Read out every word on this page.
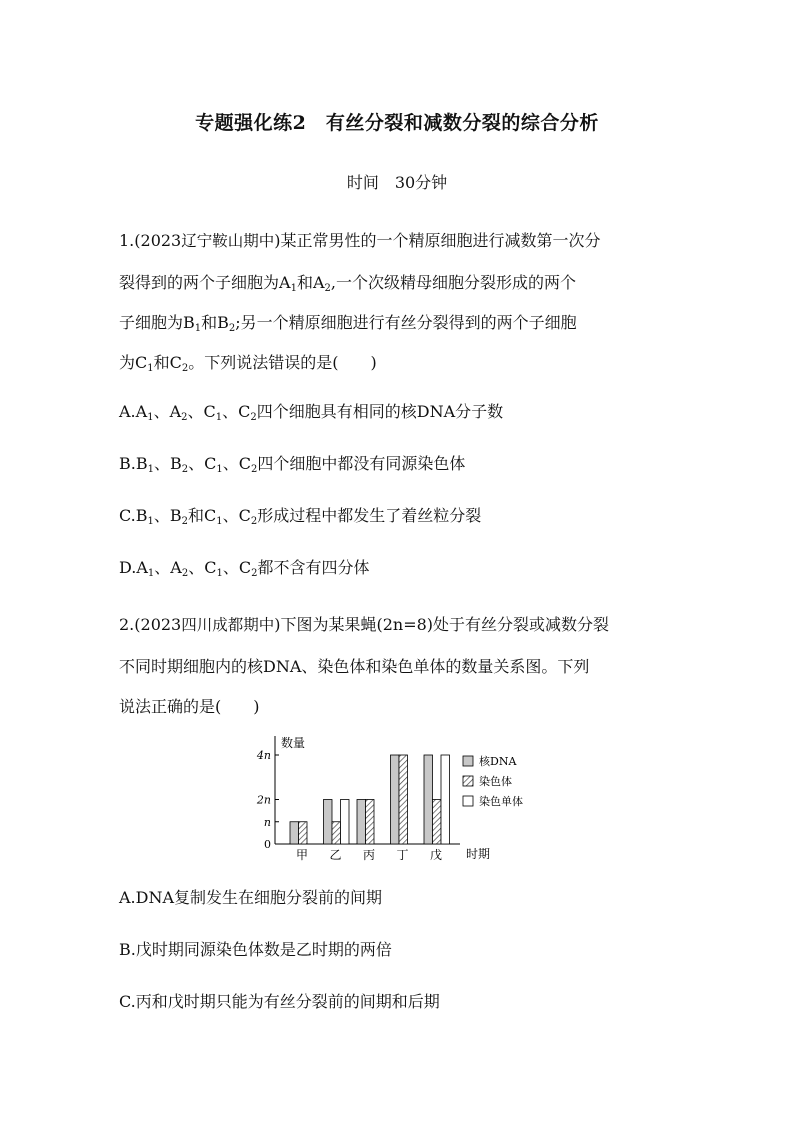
专题强化练2　有丝分裂和减数分裂的综合分析
时间　30分钟
1.(2023辽宁鞍山期中)某正常男性的一个精原细胞进行减数第一次分
裂得到的两个子细胞为$A_1$和$A_2$,一个次级精母细胞分裂形成的两个
子细胞为$B_1$和$B_2$;另一个精原细胞进行有丝分裂得到的两个子细胞
为$C_1$和$C_2$。下列说法错误的是(　　)
$A.A_1$、$A_2$、$C_1$、$C_2$四个细胞具有相同的核DNA分子数
$B.B_1$、$B_2$、$C_1$、$C_2$四个细胞中都没有同源染色体
$C.B_1$、$B_2$和$C_1$、$C_2$形成过程中都发生了着丝粒分裂
$D.A_1$、$A_2$、$C_1$、$C_2$都不含有四分体
2.(2023四川成都期中)下图为某果蝇(2n=8)处于有丝分裂或减数分裂
不同时期细胞内的核DNA、染色体和染色单体的数量关系图。下列
说法正确的是(　　)
数量
时期
0
n
2n
4n
甲 乙 丙 丁 戊
核DNA
染色体
染色单体
A.DNA复制发生在细胞分裂前的间期
B.戊时期同源染色体数是乙时期的两倍
C.丙和戊时期只能为有丝分裂前的间期和后期
